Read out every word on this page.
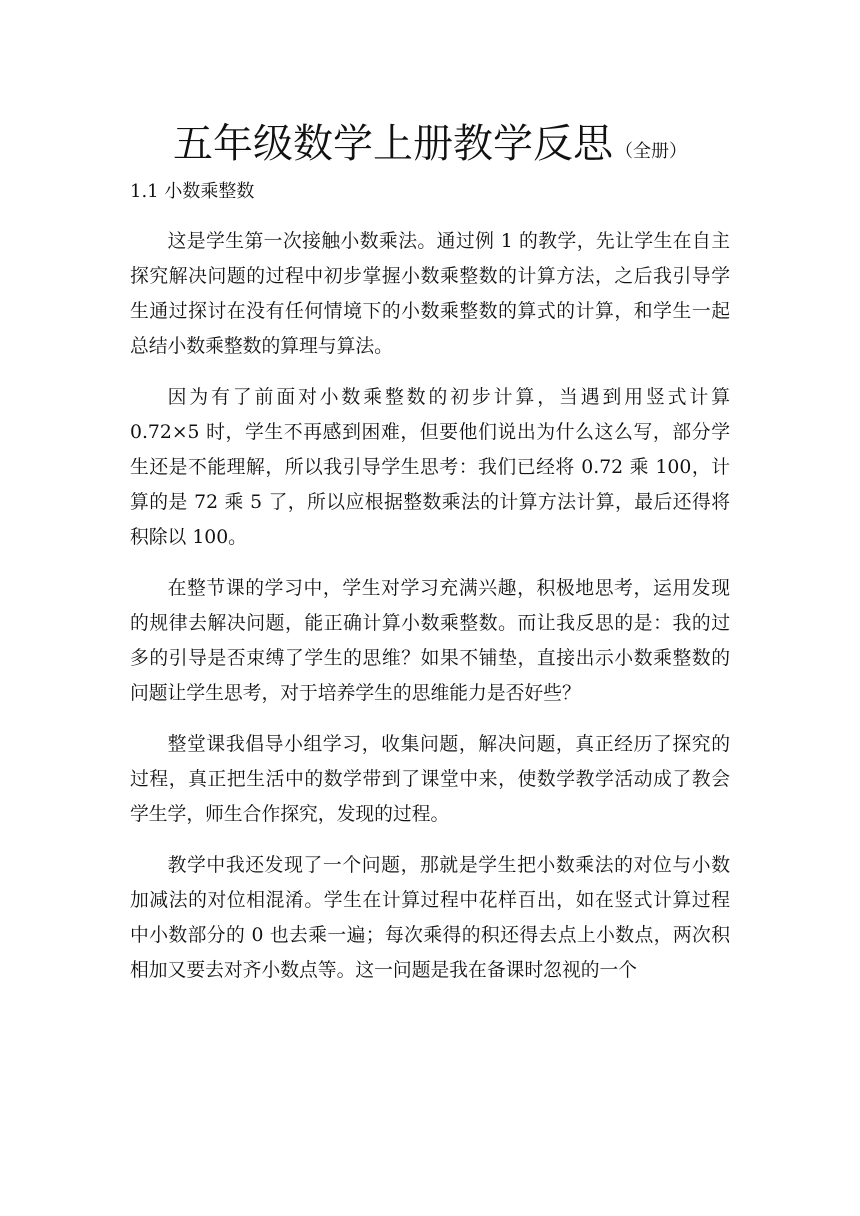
五年级数学上册教学反思 （全册）
1.1 小数乘整数

这是学生第一次接触小数乘法。通过例 1 的教学，先让学生在自主探究解决问题的过程中初步掌握小数乘整数的计算方法，之后我引导学生通过探讨在没有任何情境下的小数乘整数的算式的计算，和学生一起总结小数乘整数的算理与算法。

因为有了前面对小数乘整数的初步计算，当遇到用竖式计算 0.72×5 时，学生不再感到困难，但要他们说出为什么这么写，部分学生还是不能理解，所以我引导学生思考：我们已经将 0.72 乘 100，计算的是 72 乘 5 了，所以应根据整数乘法的计算方法计算，最后还得将积除以 100。

在整节课的学习中，学生对学习充满兴趣，积极地思考，运用发现的规律去解决问题，能正确计算小数乘整数。而让我反思的是：我的过多的引导是否束缚了学生的思维？如果不铺垫，直接出示小数乘整数的问题让学生思考，对于培养学生的思维能力是否好些？

整堂课我倡导小组学习，收集问题，解决问题，真正经历了探究的过程，真正把生活中的数学带到了课堂中来，使数学教学活动成了教会学生学，师生合作探究，发现的过程。

教学中我还发现了一个问题，那就是学生把小数乘法的对位与小数加减法的对位相混淆。学生在计算过程中花样百出，如在竖式计算过程中小数部分的 0 也去乘一遍；每次乘得的积还得去点上小数点，两次积相加又要去对齐小数点等。这一问题是我在备课时忽视的一个
